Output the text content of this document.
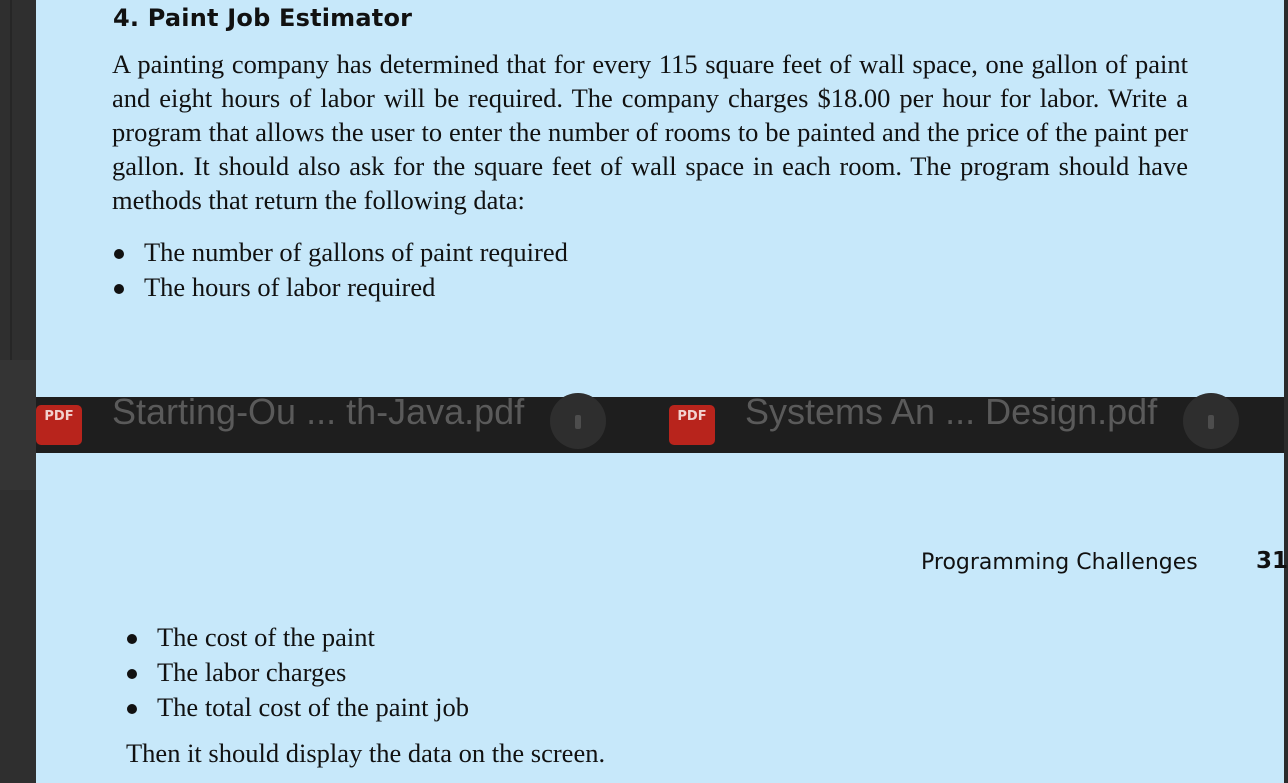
4. Paint Job Estimator

A painting company has determined that for every 115 square feet of wall space, one gallon of paint and eight hours of labor will be required. The company charges $18.00 per hour for labor. Write a program that allows the user to enter the number of rooms to be painted and the price of the paint per gallon. It should also ask for the square feet of wall space in each room. The program should have methods that return the following data:

The number of gallons of paint required
The hours of labor required
PDF Starting-Ou ... th-Java.pdf	PDF Systems An ... Design.pdf
Programming Challenges	31
The cost of the paint
The labor charges
The total cost of the paint job

Then it should display the data on the screen.
